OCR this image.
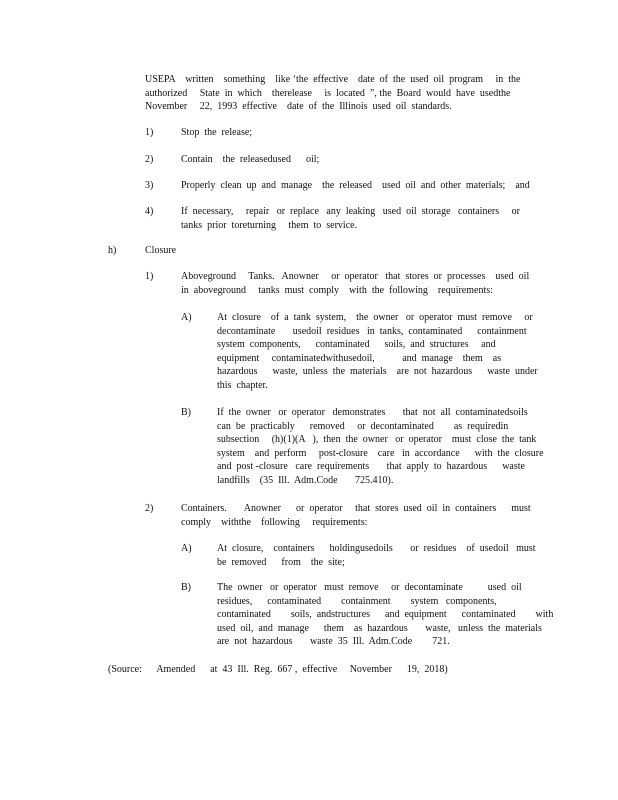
USEPA    written    something    like ‘the  effective    date  of  the  used  oil  program     in  the
authorized     State  in  which    therelease     is  located  ”, the  Board  would  have  usedthe
November     22,  1993  effective    date  of  the  Illinois  used  oil  standards.
1)	Stop  the  release;
2)	Contain    the  releasedused      oil;
3)	Properly  clean  up  and  manage    the  released    used  oil  and  other  materials;    and
4)	If  necessary,     repair   or  replace   any  leaking   used  oil  storage   containers     or
tanks  prior  toreturning     them  to  service.
h)	Closure
1)	Aboveground     Tanks.   Anowner     or  operator   that  stores  or  processes    used  oil
in  aboveground     tanks  must  comply    with  the  following    requirements:
A)	At  closure    of  a  tank  system,    the  owner   or  operator  must  remove     or
decontaminate       usedoil  residues   in  tanks,  contaminated      containment
system  components,      contaminated      soils,  and  structures     and
equipment     contaminatedwithusedoil,           and  manage    them    as
hazardous      waste,  unless  the  materials    are  not  hazardous      waste  under
this  chapter.
B)	If  the  owner   or  operator   demonstrates       that  not  all  contaminatedsoils
can  be  practicably      removed     or  decontaminated        as  requiredin
subsection     (h)(1)(A   ),  then  the  owner   or  operator    must  close  the  tank
system    and  perform     post-closure    care   in  accordance      with  the  closure
and  post -closure   care  requirements       that  apply  to  hazardous      waste
landfills    (35  Ill.  Adm.Code       725.410).
2)	Containers.       Anowner      or  operator     that  stores  used  oil  in  containers      must
comply    withthe    following     requirements:
A)	At  closure,    containers      holdingusedoils       or  residues    of  usedoil   must
be  removed      from    the  site;
B)	The  owner   or  operator   must  remove     or  decontaminate          used  oil
residues,      contaminated        containment        system   components,
contaminated        soils,  andstructures      and  equipment      contaminated        with
used  oil,  and  manage      them    as  hazardous       waste,   unless  the  materials
are  not  hazardous       waste  35  Ill.  Adm.Code        721.
(Source:      Amended      at  43  Ill.  Reg.  667 ,  effective     November      19,  2018)
